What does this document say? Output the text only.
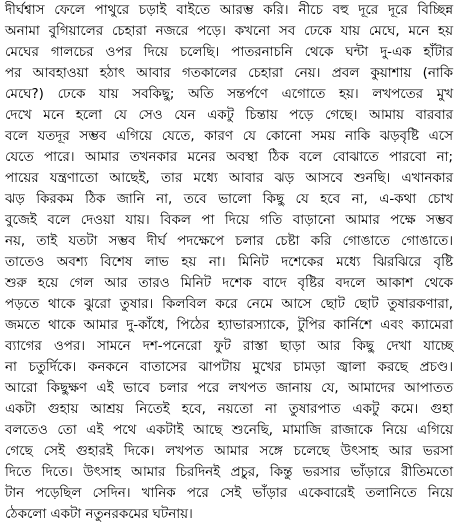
দীর্ঘশ্বাস ফেলে পাথুরে চড়াই বাইতে আরম্ভ করি। নীচে বহু দূরে দূরে বিচ্ছিন্ন
অনামা বুগিয়ালের চেহারা নজরে পড়ে। কখনো সব ঢেকে যায় মেঘে, মনে হয়
মেঘের গালচের ওপর দিয়ে চলেছি। পাতরনাচনি থেকে ঘন্টা দু-এক হাঁটার
পর আবহাওয়া হঠাৎ আবার গতকালের চেহারা নেয়। প্রবল কুয়াশায় (নাকি
মেঘে?) ঢেকে যায় সবকিছু; অতি সন্তর্পণে এগোতে হয়। লখপতের মুখ
দেখে মনে হলো যে সেও যেন একটু চিন্তায় পড়ে গেছে। আমায় বারবার
বলে যতদূর সম্ভব এগিয়ে যেতে, কারণ যে কোনো সময় নাকি ঝড়বৃষ্টি এসে
যেতে পারে। আমার তখনকার মনের অবস্থা ঠিক বলে বোঝাতে পারবো না;
পায়ের যন্ত্রণাতো আছেই, তার মধ্যে আবার ঝড় আসবে শুনছি। এখানকার
ঝড় কিরকম ঠিক জানি না, তবে ভালো কিছু যে হবে না, এ-কথা চোখ
বুজেই বলে দেওয়া যায়। বিকল পা দিয়ে গতি বাড়ানো আমার পক্ষে সম্ভব
নয়, তাই যতটা সম্ভব দীর্ঘ পদক্ষেপে চলার চেষ্টা করি গোঙাতে গোঙাতে।
তাতেও অবশ্য বিশেষ লাভ হয় না। মিনিট দশেকের মধ্যে ঝিরঝিরে বৃষ্টি
শুরু হয়ে গেল আর তারও মিনিট দশেক বাদে বৃষ্টির বদলে আকাশ থেকে
পড়তে থাকে ঝুরো তুষার। কিলবিল করে নেমে আসে ছোট ছোট তুষারকণারা,
জমতে থাকে আমার দু-কাঁধে, পিঠের হ্যাভারস্যাকে, টুপির কার্নিশে এবং ক্যামেরা
ব্যাগের ওপর। সামনে দশ-পনেরো ফুট রাস্তা ছাড়া আর কিছু দেখা যাচ্ছে
না চতুর্দিকে। কনকনে বাতাসের ঝাপটায় মুখের চামড়া জ্বালা করছে প্রচণ্ড।
আরো কিছুক্ষণ এই ভাবে চলার পরে লখপত জানায় যে, আমাদের আপাতত
একটা গুহায় আশ্রয় নিতেই হবে, নয়তো না তুষারপাত একটু কমে। গুহা
বলতেও তো এই পথে একটাই আছে শুনেছি, মামাজি রাজাকে নিয়ে এগিয়ে
গেছে সেই গুহারই দিকে। লখপত আমার সঙ্গে চলেছে উৎসাহ আর ভরসা
দিতে দিতে। উৎসাহ আমার চিরদিনই প্রচুর, কিন্তু ভরসার ভাঁড়ারে রীতিমতো
টান পড়েছিল সেদিন। খানিক পরে সেই ভাঁড়ার একেবারেই তলানিতে নিয়ে
ঠেকলো একটা নতুনরকমের ঘটনায়।
